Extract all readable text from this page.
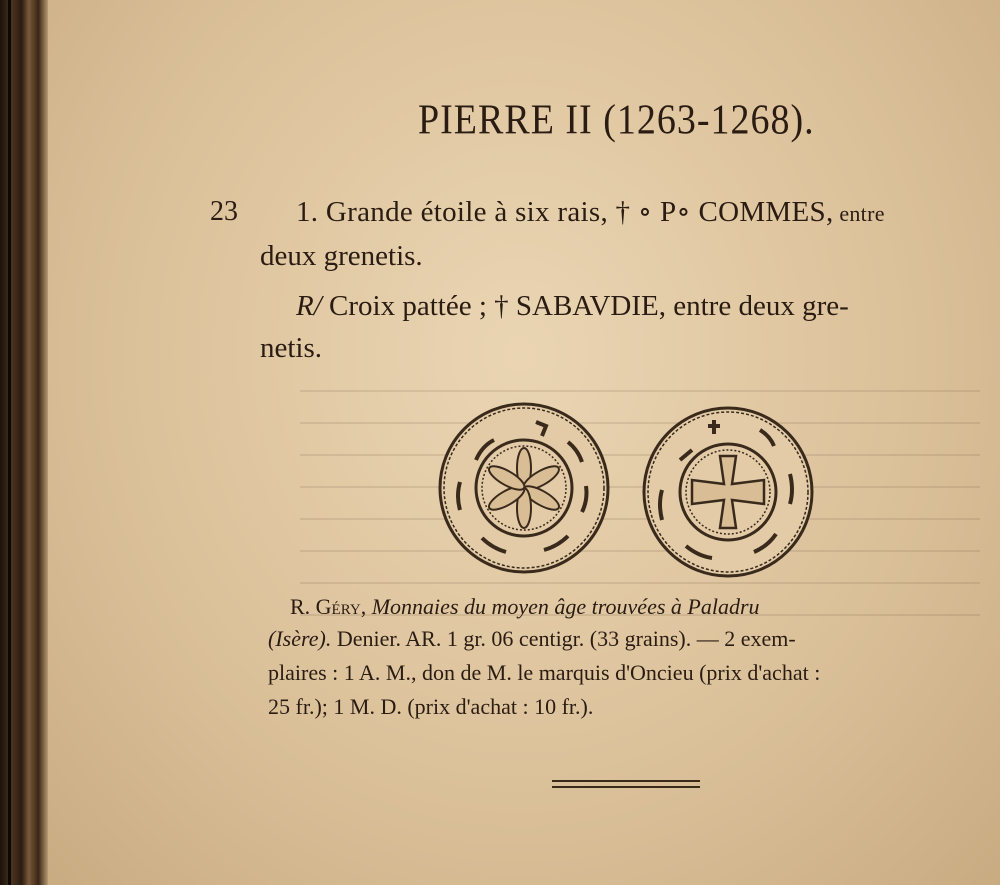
PIERRE II (1263-1268).
23 1. Grande étoile à six rais, † ∘ P∘ COMMES, entre
deux grenetis.
R/ Croix pattée ; † SABAVDIE, entre deux gre-
netis.
R. Géry, Monnaies du moyen âge trouvées à Paladru
(Isère). Denier. AR. 1 gr. 06 centigr. (33 grains). — 2 exem-
plaires : 1 A. M., don de M. le marquis d'Oncieu (prix d'achat :
25 fr.); 1 M. D. (prix d'achat : 10 fr.).
